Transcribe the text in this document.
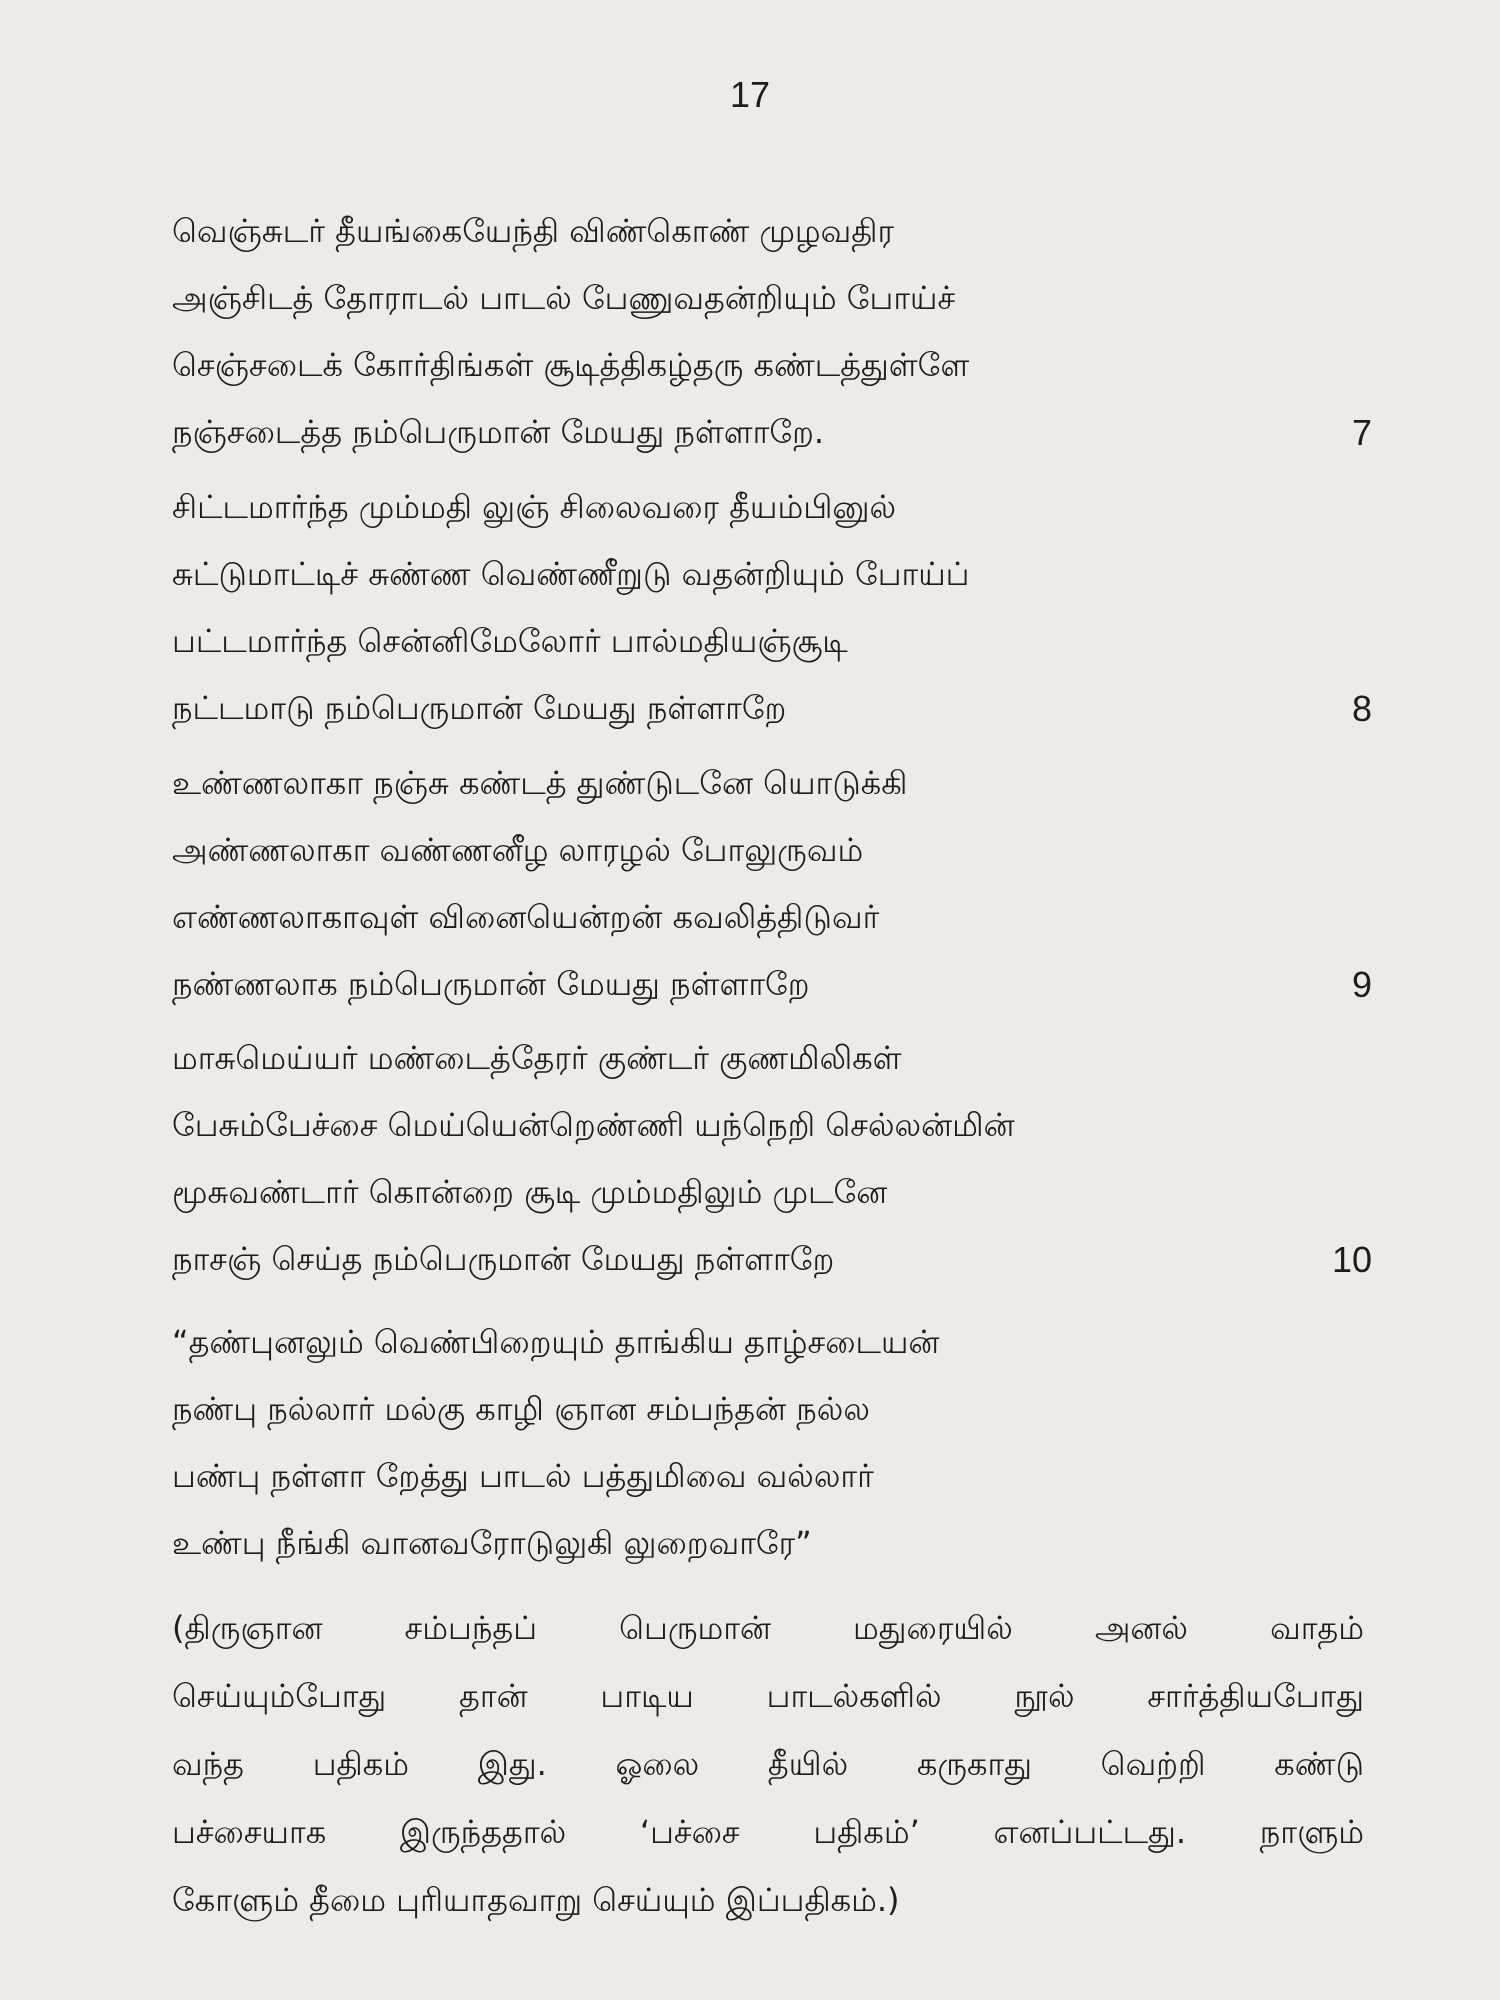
17
வெஞ்சுடர் தீயங்கையேந்தி விண்கொண் முழவதிர
அஞ்சிடத் தோராடல் பாடல் பேணுவதன்றியும் போய்ச்
செஞ்சடைக் கோர்திங்கள் சூடித்திகழ்தரு கண்டத்துள்ளே
நஞ்சடைத்த நம்பெருமான் மேயது நள்ளாறே.	7
சிட்டமார்ந்த மும்மதி லுஞ் சிலைவரை தீயம்பினுல்
சுட்டுமாட்டிச் சுண்ண வெண்ணீறுடு வதன்றியும் போய்ப்
பட்டமார்ந்த சென்னிமேலோர் பால்மதியஞ்சூடி
நட்டமாடு நம்பெருமான் மேயது நள்ளாறே	8
உண்ணலாகா நஞ்சு கண்டத் துண்டுடனே யொடுக்கி
அண்ணலாகா வண்ணனீழ லாரழல் போலுருவம்
எண்ணலாகாவுள் வினையென்றன் கவலித்திடுவர்
நண்ணலாக நம்பெருமான் மேயது நள்ளாறே	9
மாசுமெய்யர் மண்டைத்தேரர் குண்டர் குணமிலிகள்
பேசும்பேச்சை மெய்யென்றெண்ணி யந்நெறி செல்லன்மின்
மூசுவண்டார் கொன்றை சூடி மும்மதிலும் முடனே
நாசஞ் செய்த நம்பெருமான் மேயது நள்ளாறே	10
“தண்புனலும் வெண்பிறையும் தாங்கிய தாழ்சடையன்
நண்பு நல்லார் மல்கு காழி ஞான சம்பந்தன் நல்ல
பண்பு நள்ளா றேத்து பாடல் பத்துமிவை வல்லார்
உண்பு நீங்கி வானவரோடுலுகி லுறைவாரே”
(திருஞான சம்பந்தப் பெருமான் மதுரையில் அனல் வாதம்
செய்யும்போது தான் பாடிய பாடல்களில் நூல் சார்த்தியபோது
வந்த பதிகம் இது. ஓலை தீயில் கருகாது வெற்றி கண்டு
பச்சையாக இருந்ததால் ‘பச்சை பதிகம்’ எனப்பட்டது. நாளும்
கோளும் தீமை புரியாதவாறு செய்யும் இப்பதிகம்.)
